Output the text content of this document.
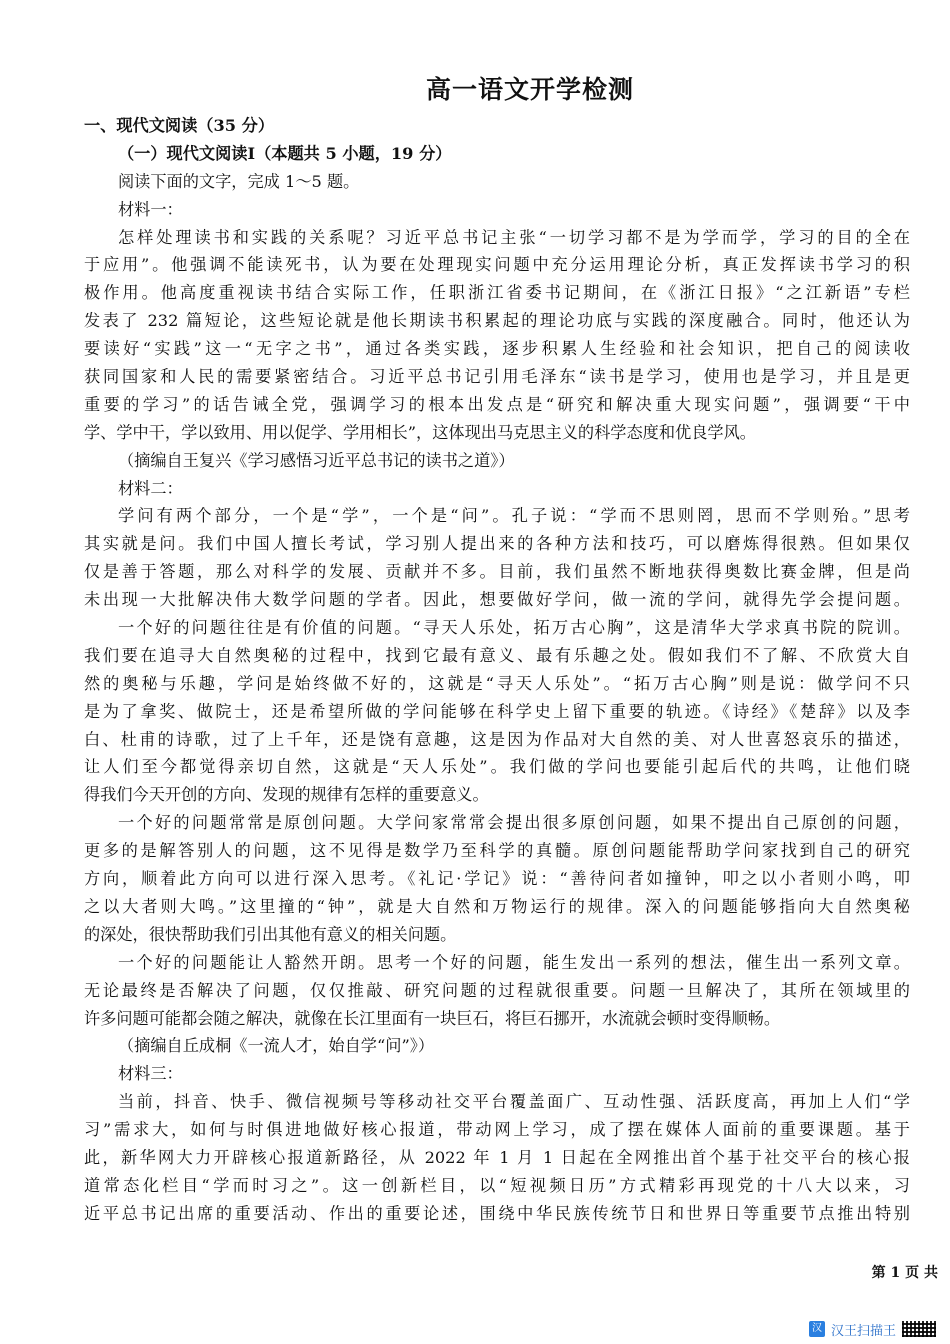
高一语文开学检测
一、现代文阅读（35 分）
（一）现代文阅读Ⅰ（本题共 5 小题，19 分）
阅读下面的文字，完成 1～5 题。
材料一：
怎样处理读书和实践的关系呢？习近平总书记主张“一切学习都不是为学而学，学习的目的全在
于应用”。他强调不能读死书，认为要在处理现实问题中充分运用理论分析，真正发挥读书学习的积
极作用。他高度重视读书结合实际工作，任职浙江省委书记期间，在《浙江日报》“之江新语”专栏
发表了 232 篇短论，这些短论就是他长期读书积累起的理论功底与实践的深度融合。同时，他还认为
要读好“实践”这一“无字之书”，通过各类实践，逐步积累人生经验和社会知识，把自己的阅读收
获同国家和人民的需要紧密结合。习近平总书记引用毛泽东“读书是学习，使用也是学习，并且是更
重要的学习”的话告诫全党，强调学习的根本出发点是“研究和解决重大现实问题”，强调要“干中
学、学中干，学以致用、用以促学、学用相长”，这体现出马克思主义的科学态度和优良学风。
（摘编自王复兴《学习感悟习近平总书记的读书之道》）
材料二：
学问有两个部分，一个是“学”，一个是“问”。孔子说：“学而不思则罔，思而不学则殆。”思考
其实就是问。我们中国人擅长考试，学习别人提出来的各种方法和技巧，可以磨炼得很熟。但如果仅
仅是善于答题，那么对科学的发展、贡献并不多。目前，我们虽然不断地获得奥数比赛金牌，但是尚
未出现一大批解决伟大数学问题的学者。因此，想要做好学问，做一流的学问，就得先学会提问题。
一个好的问题往往是有价值的问题。“寻天人乐处，拓万古心胸”，这是清华大学求真书院的院训。
我们要在追寻大自然奥秘的过程中，找到它最有意义、最有乐趣之处。假如我们不了解、不欣赏大自
然的奥秘与乐趣，学问是始终做不好的，这就是“寻天人乐处”。“拓万古心胸”则是说：做学问不只
是为了拿奖、做院士，还是希望所做的学问能够在科学史上留下重要的轨迹。《诗经》《楚辞》以及李
白、杜甫的诗歌，过了上千年，还是饶有意趣，这是因为作品对大自然的美、对人世喜怒哀乐的描述，
让人们至今都觉得亲切自然，这就是“天人乐处”。我们做的学问也要能引起后代的共鸣，让他们晓
得我们今天开创的方向、发现的规律有怎样的重要意义。
一个好的问题常常是原创问题。大学问家常常会提出很多原创问题，如果不提出自己原创的问题，
更多的是解答别人的问题，这不见得是数学乃至科学的真髓。原创问题能帮助学问家找到自己的研究
方向，顺着此方向可以进行深入思考。《礼记·学记》说：“善待问者如撞钟，叩之以小者则小鸣，叩
之以大者则大鸣。”这里撞的“钟”，就是大自然和万物运行的规律。深入的问题能够指向大自然奥秘
的深处，很快帮助我们引出其他有意义的相关问题。
一个好的问题能让人豁然开朗。思考一个好的问题，能生发出一系列的想法，催生出一系列文章。
无论最终是否解决了问题，仅仅推敲、研究问题的过程就很重要。问题一旦解决了，其所在领域里的
许多问题可能都会随之解决，就像在长江里面有一块巨石，将巨石挪开，水流就会顿时变得顺畅。
（摘编自丘成桐《一流人才，始自学“问”》）
材料三：
当前，抖音、快手、微信视频号等移动社交平台覆盖面广、互动性强、活跃度高，再加上人们“学
习”需求大，如何与时俱进地做好核心报道，带动网上学习，成了摆在媒体人面前的重要课题。基于
此，新华网大力开辟核心报道新路径，从 2022 年 1 月 1 日起在全网推出首个基于社交平台的核心报
道常态化栏目“学而时习之”。这一创新栏目，以“短视频日历”方式精彩再现党的十八大以来，习
近平总书记出席的重要活动、作出的重要论述，围绕中华民族传统节日和世界日等重要节点推出特别
第 1 页 共
汉 汉王扫描王
